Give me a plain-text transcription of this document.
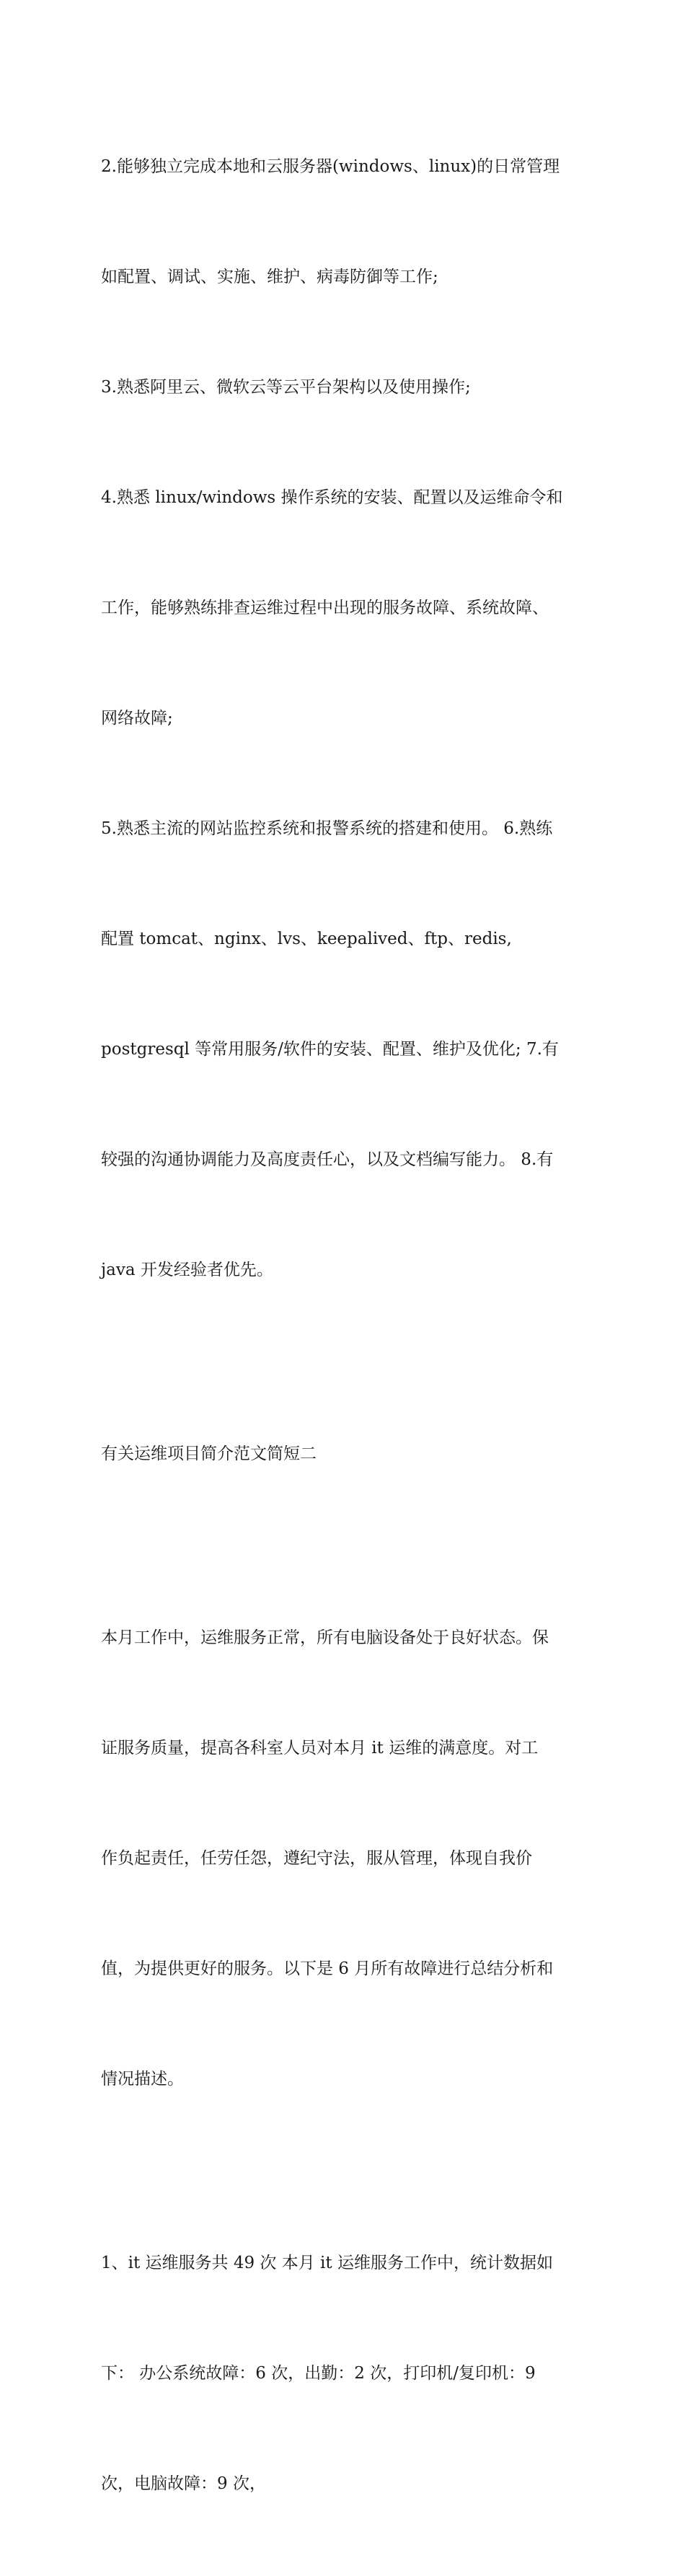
2.能够独立完成本地和云服务器(windows、linux)的日常管理

如配置、调试、实施、维护、病毒防御等工作;

3.熟悉阿里云、微软云等云平台架构以及使用操作;

4.熟悉 linux/windows 操作系统的安装、配置以及运维命令和

工作，能够熟练排查运维过程中出现的服务故障、系统故障、

网络故障;

5.熟悉主流的网站监控系统和报警系统的搭建和使用。 6.熟练

配置 tomcat、nginx、lvs、keepalived、ftp、redis,

postgresql 等常用服务/软件的安装、配置、维护及优化; 7.有

较强的沟通协调能力及高度责任心，以及文档编写能力。 8.有

java 开发经验者优先。

有关运维项目简介范文简短二

本月工作中，运维服务正常，所有电脑设备处于良好状态。保

证服务质量，提高各科室人员对本月 it 运维的满意度。对工

作负起责任，任劳任怨，遵纪守法，服从管理，体现自我价

值，为提供更好的服务。以下是 6 月所有故障进行总结分析和

情况描述。

1、it 运维服务共 49 次 本月 it 运维服务工作中，统计数据如

下： 办公系统故障：6 次，出勤：2 次，打印机/复印机：9

次，电脑故障：9 次，
